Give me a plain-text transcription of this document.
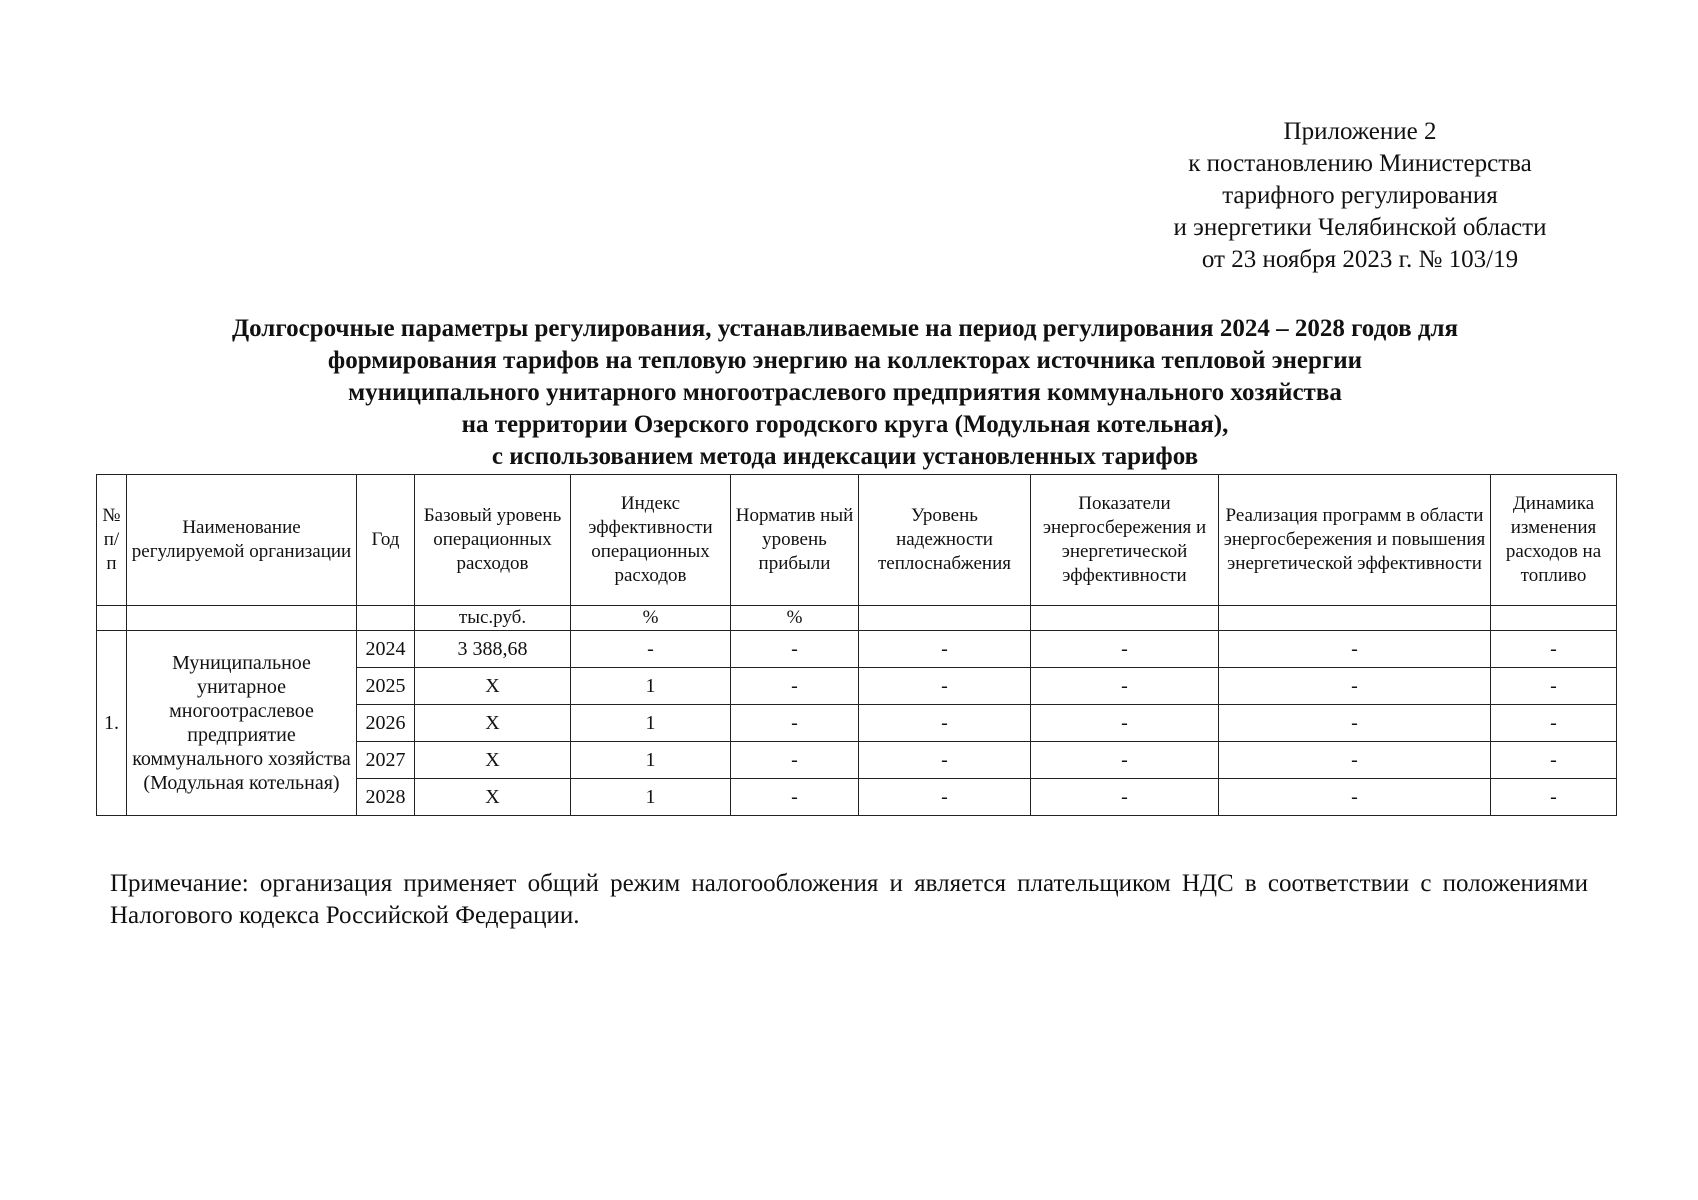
Приложение 2
к постановлению Министерства
тарифного регулирования
и энергетики Челябинской области
от 23 ноября 2023 г. № 103/19
Долгосрочные параметры регулирования, устанавливаемые на период регулирования 2024 – 2028 годов для
формирования тарифов на тепловую энергию на коллекторах источника тепловой энергии
муниципального унитарного многоотраслевого предприятия коммунального хозяйства
на территории Озерского городского круга (Модульная котельная),
с использованием метода индексации установленных тарифов
№ п/п	Наименование регулируемой организации	Год	Базовый уровень операционных расходов	Индекс эффективности операционных расходов	Норматив ный уровень прибыли	Уровень надежности теплоснабжения	Показатели энергосбережения и энергетической эффективности	Реализация программ в области энергосбережения и повышения энергетической эффективности	Динамика изменения расходов на топливо
			тыс.руб.	%	%				
1.	Муниципальное унитарное многоотраслевое предприятие коммунального хозяйства (Модульная котельная)	2024	3 388,68	-	-	-	-	-	-
		2025	X	1	-	-	-	-	-
		2026	X	1	-	-	-	-	-
		2027	X	1	-	-	-	-	-
		2028	X	1	-	-	-	-	-
Примечание: организация применяет общий режим налогообложения и является плательщиком НДС в соответствии с положениями Налогового кодекса Российской Федерации.
